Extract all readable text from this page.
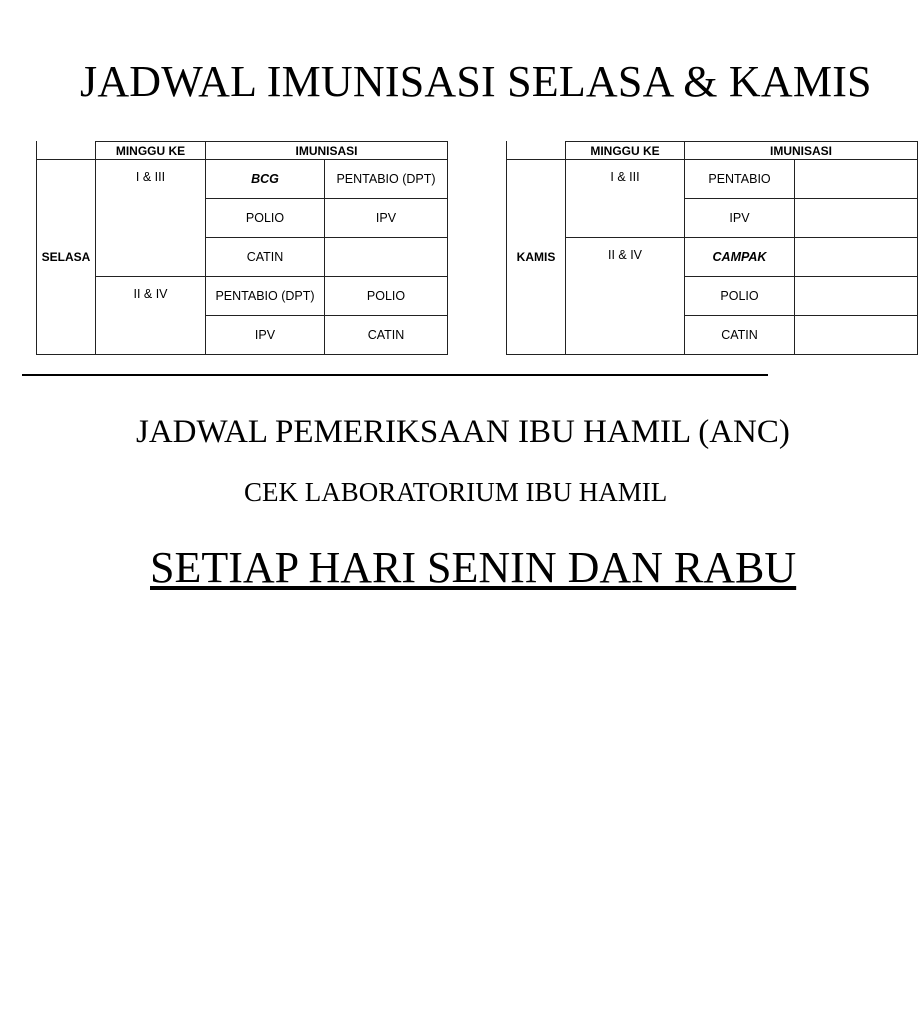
JADWAL IMUNISASI SELASA & KAMIS
	MINGGU KE	IMUNISASI	
SELASA	I & III	BCG	PENTABIO (DPT)
		POLIO	IPV
		CATIN	
	II & IV	PENTABIO (DPT)	POLIO
		IPV	CATIN
	MINGGU KE	IMUNISASI	
KAMIS	I & III	PENTABIO	
		IPV	
	II & IV	CAMPAK	
		POLIO	
		CATIN	
JADWAL PEMERIKSAAN IBU HAMIL (ANC)
CEK LABORATORIUM IBU HAMIL
SETIAP HARI SENIN DAN RABU
